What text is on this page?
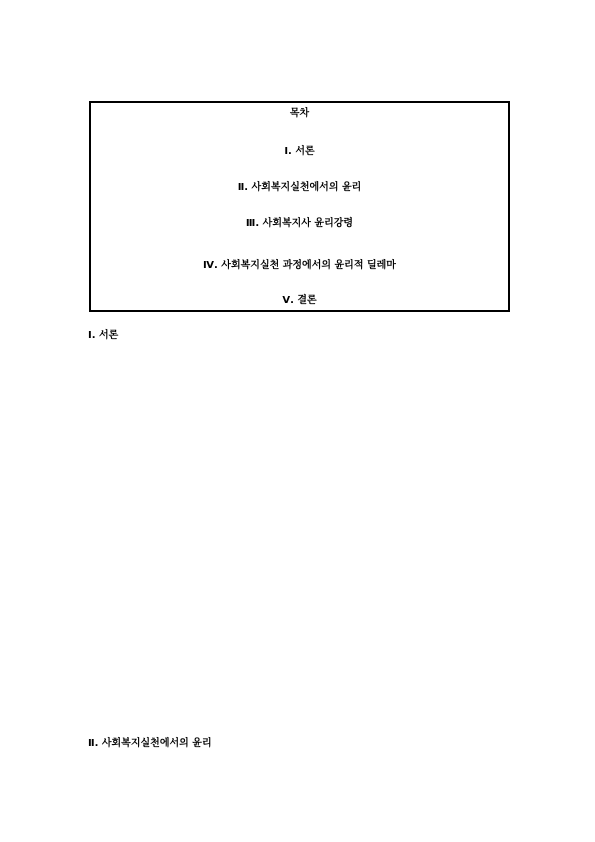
목차
Ⅰ. 서론
Ⅱ. 사회복지실천에서의 윤리
Ⅲ. 사회복지사 윤리강령
Ⅳ. 사회복지실천 과정에서의 윤리적 딜레마
Ⅴ. 결론
Ⅰ. 서론
Ⅱ. 사회복지실천에서의 윤리
